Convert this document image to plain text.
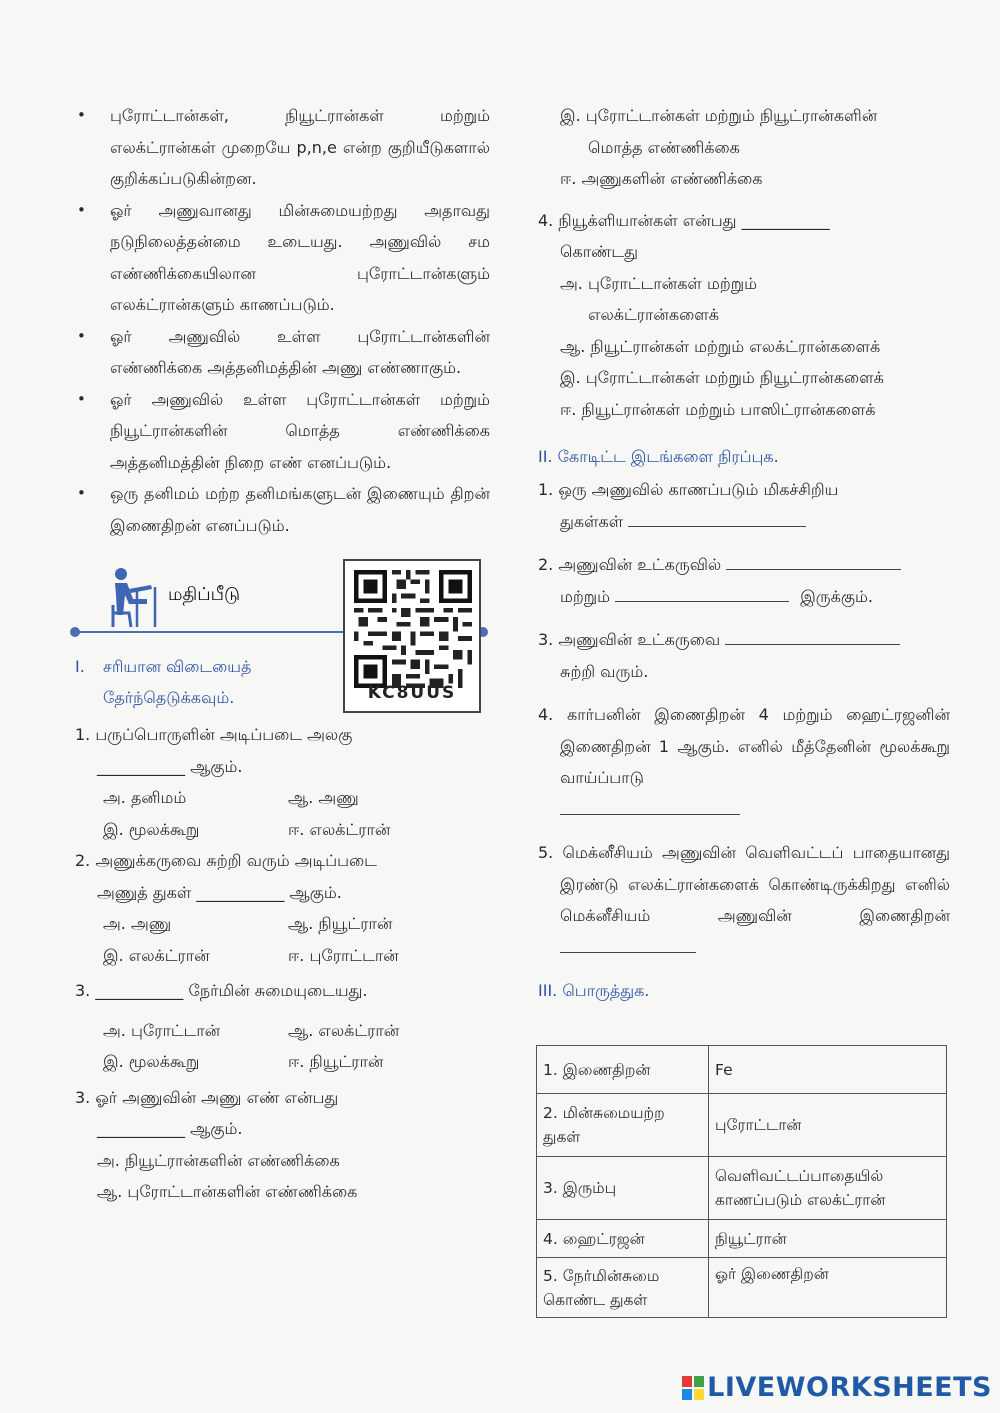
• புரோட்டான்கள், நியூட்ரான்கள் மற்றும் எலக்ட்ரான்கள் முறையே p,n,e என்ற குறியீடுகளால் குறிக்கப்படுகின்றன.
• ஓர் அணுவானது மின்சுமையற்றது அதாவது நடுநிலைத்தன்மை உடையது. அணுவில் சம எண்ணிக்கையிலான புரோட்டான்களும் எலக்ட்ரான்களும் காணப்படும்.
• ஓர் அணுவில் உள்ள புரோட்டான்களின் எண்ணிக்கை அத்தனிமத்தின் அணு எண்ணாகும்.
• ஓர் அணுவில் உள்ள புரோட்டான்கள் மற்றும் நியூட்ரான்களின் மொத்த எண்ணிக்கை அத்தனிமத்தின் நிறை எண் எனப்படும்.
• ஒரு தனிமம் மற்ற தனிமங்களுடன் இணையும் திறன் இணைதிறன் எனப்படும்.
மதிப்பீடு
KC8UUS
I. சரியான விடையைத்
தேர்ந்தெடுக்கவும்.
1. பருப்பொருளின் அடிப்படை அலகு
___________ ஆகும்.
அ. தனிமம்	ஆ. அணு
இ. மூலக்கூறு	ஈ. எலக்ட்ரான்
2. அணுக்கருவை சுற்றி வரும் அடிப்படை
அணுத் துகள் ___________ ஆகும்.
அ. அணு	ஆ. நியூட்ரான்
இ. எலக்ட்ரான்	ஈ. புரோட்டான்
3. ___________ நேர்மின் சுமையுடையது.
அ. புரோட்டான்	ஆ. எலக்ட்ரான்
இ. மூலக்கூறு	ஈ. நியூட்ரான்
3. ஓர் அணுவின் அணு எண் என்பது
___________ ஆகும்.
அ. நியூட்ரான்களின் எண்ணிக்கை
ஆ. புரோட்டான்களின் எண்ணிக்கை
இ. புரோட்டான்கள் மற்றும் நியூட்ரான்களின்
மொத்த எண்ணிக்கை
ஈ. அணுகளின் எண்ணிக்கை
4. நியூக்ளியான்கள் என்பது ___________
கொண்டது
அ. புரோட்டான்கள் மற்றும்
எலக்ட்ரான்களைக்
ஆ. நியூட்ரான்கள் மற்றும் எலக்ட்ரான்களைக்
இ. புரோட்டான்கள் மற்றும் நியூட்ரான்களைக்
ஈ. நியூட்ரான்கள் மற்றும் பாஸிட்ரான்களைக்
II. கோடிட்ட இடங்களை நிரப்புக.
1. ஒரு அணுவில் காணப்படும் மிகச்சிறிய
துகள்கள்
2. அணுவின் உட்கருவில்
மற்றும்	இருக்கும்.
3. அணுவின் உட்கருவை
சுற்றி வரும்.
4. கார்பனின் இணைதிறன் 4 மற்றும் ஹைட்ரஜனின் இணைதிறன் 1 ஆகும். எனில் மீத்தேனின் மூலக்கூறு வாய்ப்பாடு
5. மெக்னீசியம் அணுவின் வெளிவட்டப் பாதையானது இரண்டு எலக்ட்ரான்களைக் கொண்டிருக்கிறது எனில் மெக்னீசியம் அணுவின் இணைதிறன்
III. பொருத்துக.
1. இணைதிறன்	Fe
2. மின்சுமையற்ற துகள்	புரோட்டான்
3. இரும்பு	வெளிவட்டப்பாதையில் காணப்படும் எலக்ட்ரான்
4. ஹைட்ரஜன்	நியூட்ரான்
5. நேர்மின்சுமை கொண்ட துகள்	ஓர் இணைதிறன்
LIVEWORKSHEETS
